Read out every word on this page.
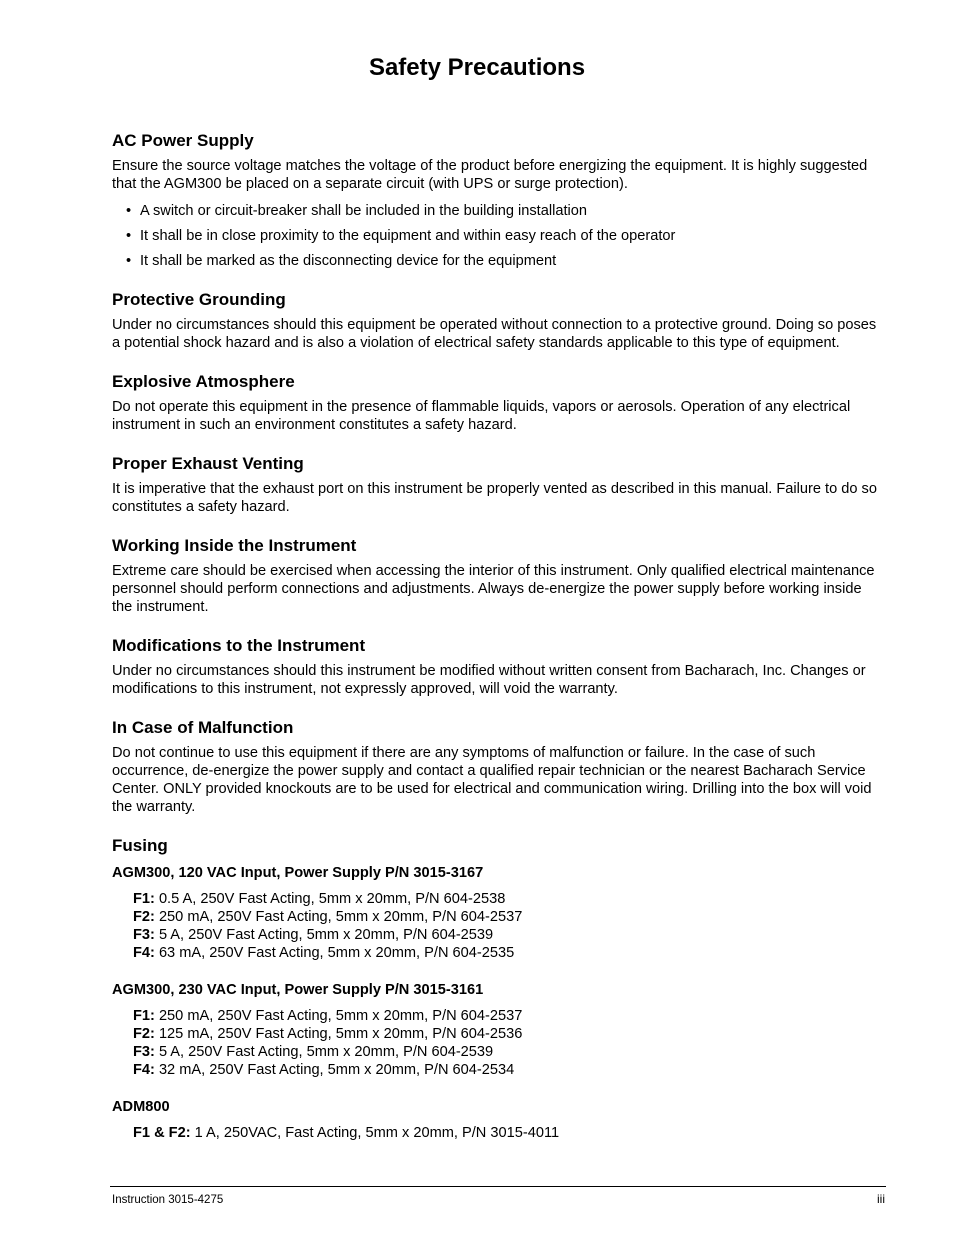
Safety Precautions
AC Power Supply

Ensure the source voltage matches the voltage of the product before energizing the equipment. It is highly suggested that the AGM300 be placed on a separate circuit (with UPS or surge protection).

• A switch or circuit-breaker shall be included in the building installation
• It shall be in close proximity to the equipment and within easy reach of the operator
• It shall be marked as the disconnecting device for the equipment
Protective Grounding

Under no circumstances should this equipment be operated without connection to a protective ground. Doing so poses a potential shock hazard and is also a violation of electrical safety standards applicable to this type of equipment.

Explosive Atmosphere

Do not operate this equipment in the presence of flammable liquids, vapors or aerosols. Operation of any electrical instrument in such an environment constitutes a safety hazard.

Proper Exhaust Venting

It is imperative that the exhaust port on this instrument be properly vented as described in this manual. Failure to do so constitutes a safety hazard.

Working Inside the Instrument

Extreme care should be exercised when accessing the interior of this instrument. Only qualified electrical maintenance personnel should perform connections and adjustments. Always de-energize the power supply before working inside the instrument.

Modifications to the Instrument

Under no circumstances should this instrument be modified without written consent from Bacharach, Inc. Changes or modifications to this instrument, not expressly approved, will void the warranty.

In Case of Malfunction

Do not continue to use this equipment if there are any symptoms of malfunction or failure. In the case of such occurrence, de-energize the power supply and contact a qualified repair technician or the nearest Bacharach Service Center. ONLY provided knockouts are to be used for electrical and communication wiring. Drilling into the box will void the warranty.

Fusing
AGM300, 120 VAC Input, Power Supply P/N 3015-3167
F1: 0.5 A, 250V Fast Acting, 5mm x 20mm, P/N 604-2538
F2: 250 mA, 250V Fast Acting, 5mm x 20mm, P/N 604-2537
F3: 5 A, 250V Fast Acting, 5mm x 20mm, P/N 604-2539
F4: 63 mA, 250V Fast Acting, 5mm x 20mm, P/N 604-2535
AGM300, 230 VAC Input, Power Supply P/N 3015-3161
F1: 250 mA, 250V Fast Acting, 5mm x 20mm, P/N 604-2537
F2: 125 mA, 250V Fast Acting, 5mm x 20mm, P/N 604-2536
F3: 5 A, 250V Fast Acting, 5mm x 20mm, P/N 604-2539
F4: 32 mA, 250V Fast Acting, 5mm x 20mm, P/N 604-2534
ADM800
F1 & F2: 1 A, 250VAC, Fast Acting, 5mm x 20mm, P/N 3015-4011
Instruction 3015-4275	iii
